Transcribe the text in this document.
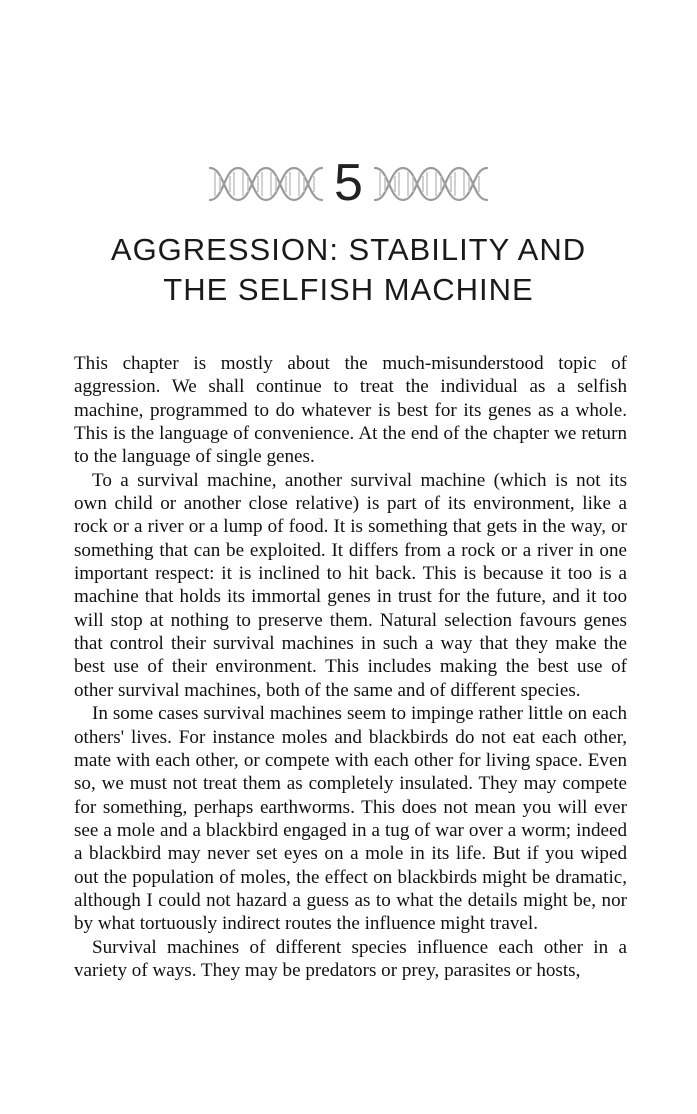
5
AGGRESSION: STABILITY AND
THE SELFISH MACHINE

This chapter is mostly about the much-misunderstood topic of aggression. We shall continue to treat the individual as a selfish machine, programmed to do whatever is best for its genes as a whole. This is the language of convenience. At the end of the chapter we return to the language of single genes.

To a survival machine, another survival machine (which is not its own child or another close relative) is part of its environment, like a rock or a river or a lump of food. It is something that gets in the way, or something that can be exploited. It differs from a rock or a river in one important respect: it is inclined to hit back. This is because it too is a machine that holds its immortal genes in trust for the future, and it too will stop at nothing to preserve them. Natural selection favours genes that control their survival machines in such a way that they make the best use of their environment. This includes making the best use of other survival machines, both of the same and of different species.

In some cases survival machines seem to impinge rather little on each others' lives. For instance moles and blackbirds do not eat each other, mate with each other, or compete with each other for living space. Even so, we must not treat them as completely insulated. They may compete for something, perhaps earthworms. This does not mean you will ever see a mole and a blackbird engaged in a tug of war over a worm; indeed a blackbird may never set eyes on a mole in its life. But if you wiped out the population of moles, the effect on blackbirds might be dramatic, although I could not hazard a guess as to what the details might be, nor by what tortuously indirect routes the influence might travel.

Survival machines of different species influence each other in a variety of ways. They may be predators or prey, parasites or hosts,
